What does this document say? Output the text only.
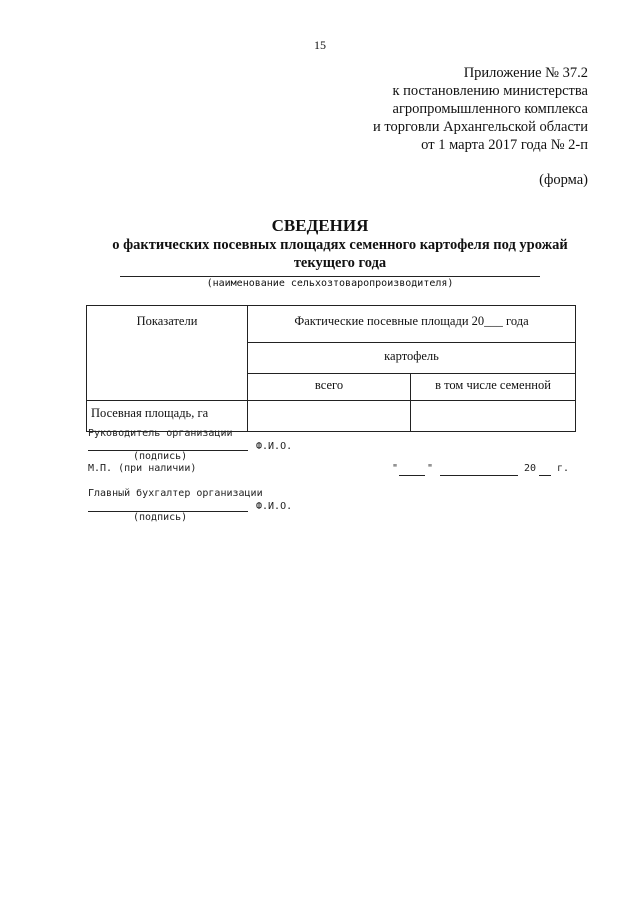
15
Приложение № 37.2
к постановлению министерства
агропромышленного комплекса
и торговли Архангельской области
от 1 марта 2017 года № 2-п
(форма)
СВЕДЕНИЯ
о фактических посевных площадях семенного картофеля под урожай
текущего года
(наименование сельхозтоваропроизводителя)
Показатели	Фактические посевные площади 20___ года	
	картофель	
	всего	в том числе семенной
Посевная площадь, га		
Руководитель организации
Ф.И.О.
(подпись)
М.П. (при наличии)	"	"	20 г.
Главный бухгалтер организации
Ф.И.О.
(подпись)
